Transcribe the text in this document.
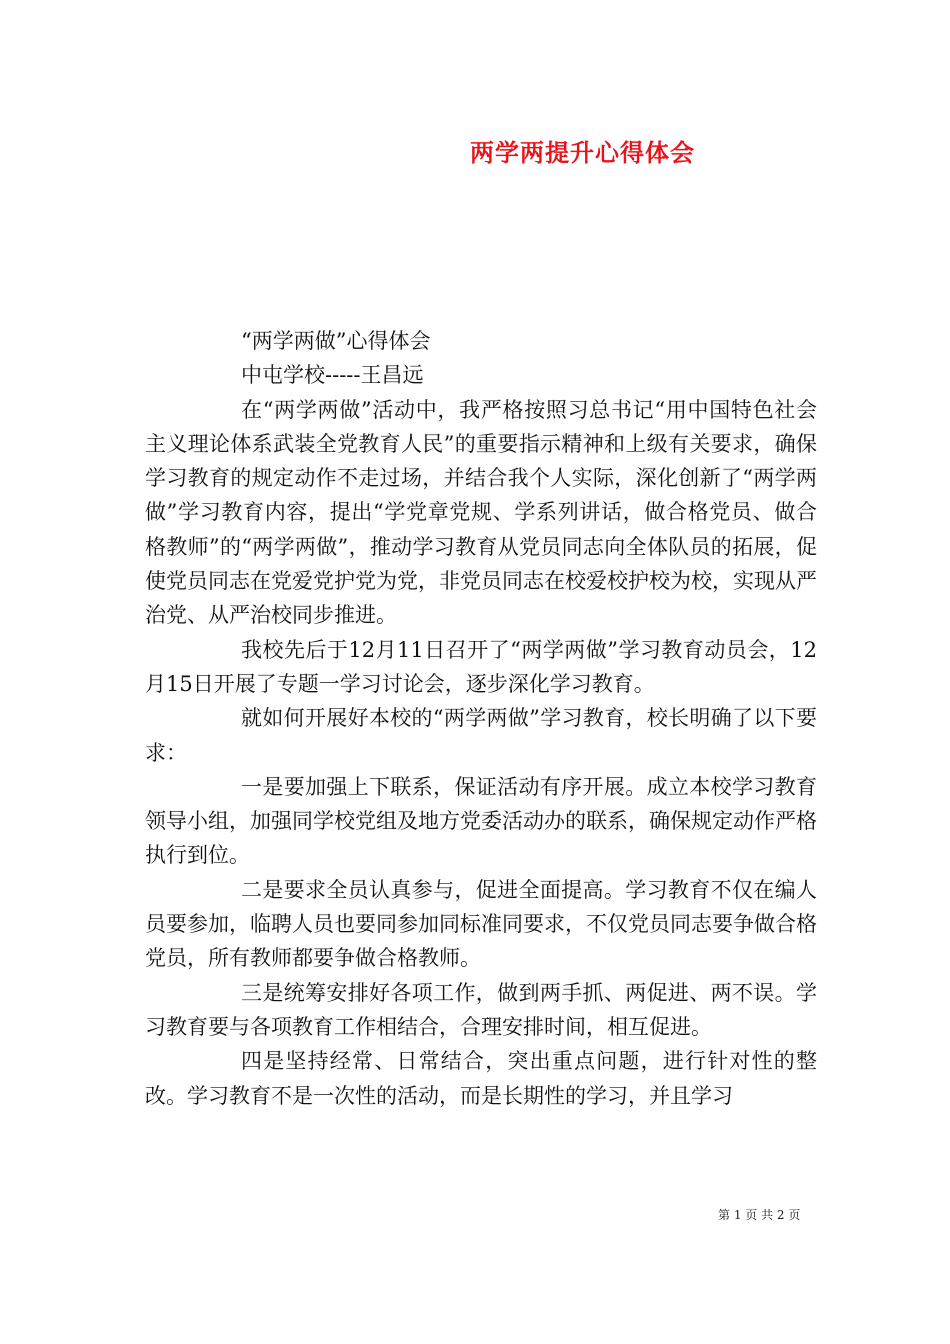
两学两提升心得体会

“两学两做”心得体会

中屯学校-----王昌远

在“两学两做”活动中，我严格按照习总书记“用中国特色社会主义理论体系武装全党教育人民”的重要指示精神和上级有关要求，确保学习教育的规定动作不走过场，并结合我个人实际，深化创新了“两学两做”学习教育内容，提出“学党章党规、学系列讲话，做合格党员、做合格教师”的“两学两做”，推动学习教育从党员同志向全体队员的拓展，促使党员同志在党爱党护党为党，非党员同志在校爱校护校为校，实现从严治党、从严治校同步推进。

我校先后于12月11日召开了“两学两做”学习教育动员会，12月15日开展了专题一学习讨论会，逐步深化学习教育。

就如何开展好本校的“两学两做”学习教育，校长明确了以下要求：

一是要加强上下联系，保证活动有序开展。成立本校学习教育领导小组，加强同学校党组及地方党委活动办的联系，确保规定动作严格执行到位。

二是要求全员认真参与，促进全面提高。学习教育不仅在编人员要参加，临聘人员也要同参加同标准同要求，不仅党员同志要争做合格党员，所有教师都要争做合格教师。

三是统筹安排好各项工作，做到两手抓、两促进、两不误。学习教育要与各项教育工作相结合，合理安排时间，相互促进。

四是坚持经常、日常结合，突出重点问题，进行针对性的整改。学习教育不是一次性的活动，而是长期性的学习，并且学习

第 1 页 共 2 页
